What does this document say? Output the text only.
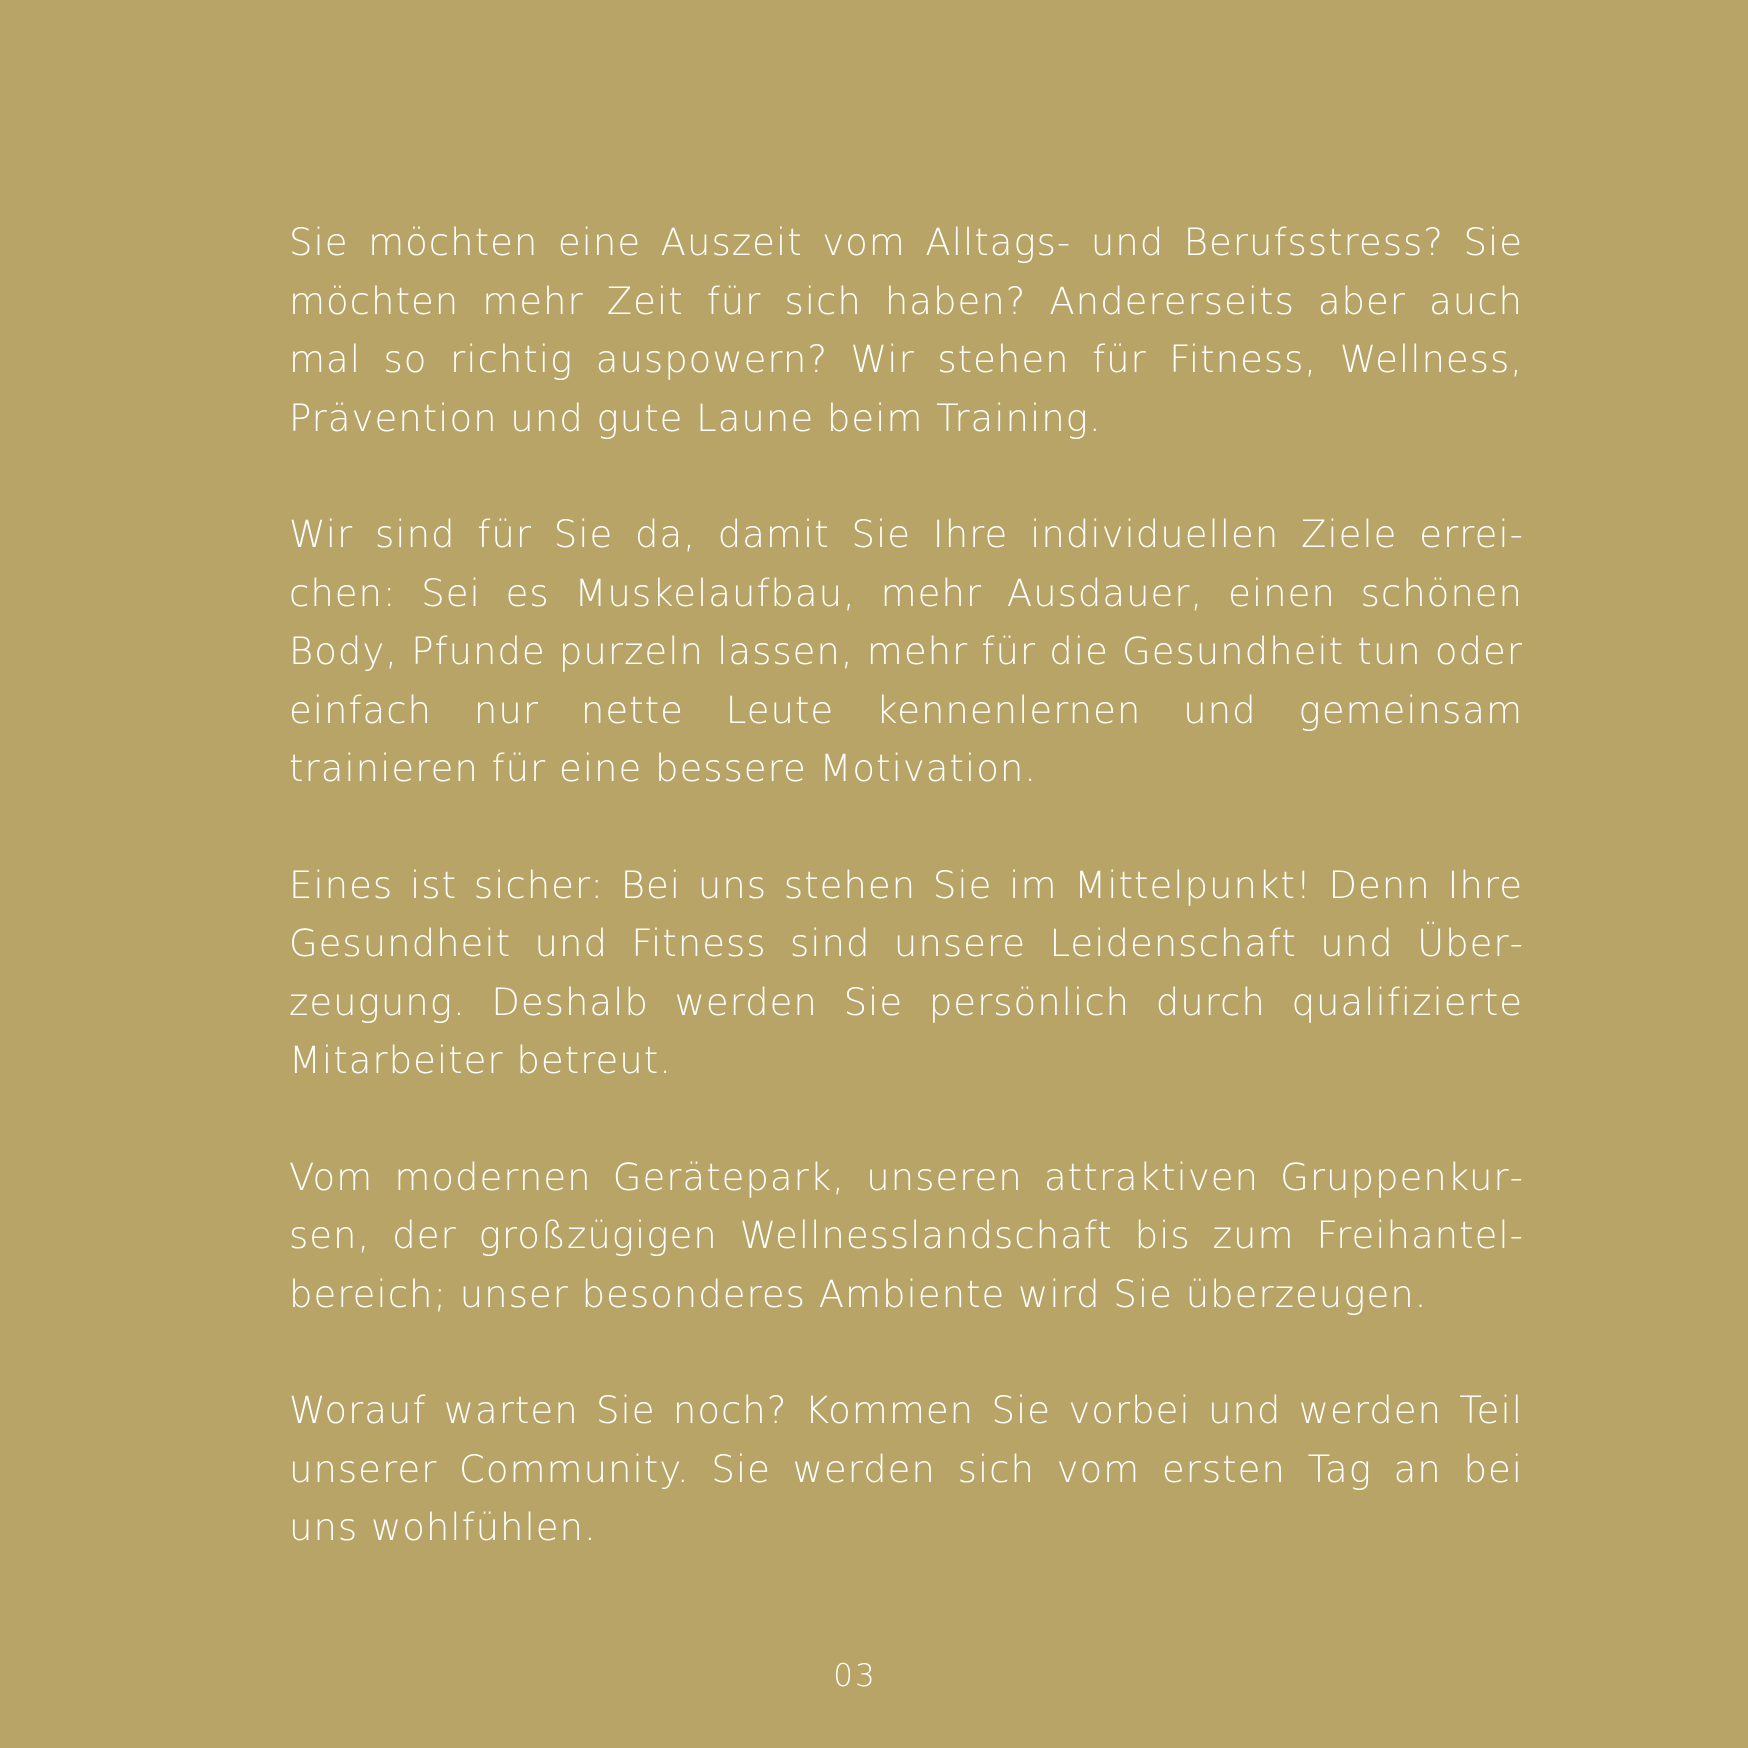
Sie möchten eine Auszeit vom Alltags- und Berufsstress? Sie möchten mehr Zeit für sich haben? Andererseits aber auch mal so richtig auspowern? Wir stehen für Fitness, Wellness, Prävention und gute Laune beim Training.

Wir sind für Sie da, damit Sie Ihre individuellen Ziele erreichen: Sei es Muskelaufbau, mehr Ausdauer, einen schönen Body, Pfunde purzeln lassen, mehr für die Gesundheit tun oder einfach nur nette Leute kennenlernen und gemeinsam trainieren für eine bessere Motivation.

Eines ist sicher: Bei uns stehen Sie im Mittelpunkt! Denn Ihre Gesundheit und Fitness sind unsere Leidenschaft und Überzeugung. Deshalb werden Sie persönlich durch qualifizierte Mitarbeiter betreut.

Vom modernen Gerätepark, unseren attraktiven Gruppenkursen, der großzügigen Wellnesslandschaft bis zum Freihantelbereich; unser besonderes Ambiente wird Sie überzeugen.

Worauf warten Sie noch? Kommen Sie vorbei und werden Teil unserer Community. Sie werden sich vom ersten Tag an bei uns wohlfühlen.

03
